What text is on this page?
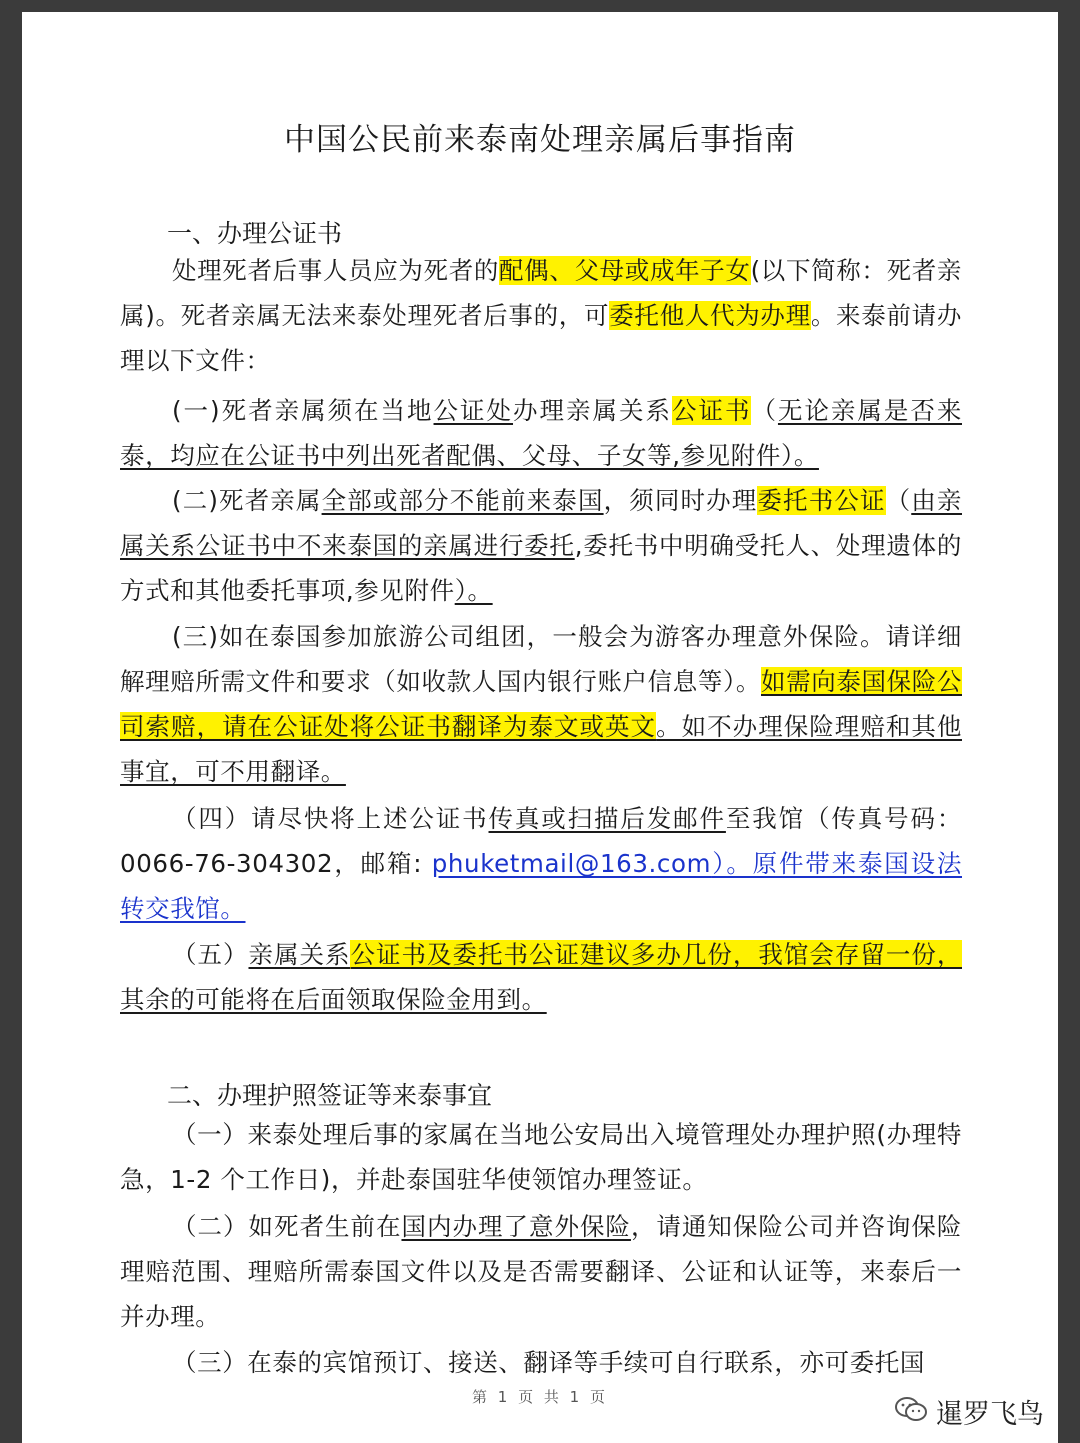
中国公民前来泰南处理亲属后事指南
一、办理公证书
处理死者后事人员应为死者的配偶、父母或成年子女(以下简称：死者亲属)。死者亲属无法来泰处理死者后事的，可委托他人代为办理。来泰前请办理以下文件：
(一)死者亲属须在当地公证处办理亲属关系公证书（无论亲属是否来泰，均应在公证书中列出死者配偶、父母、子女等,参见附件）。
(二)死者亲属全部或部分不能前来泰国，须同时办理委托书公证（由亲属关系公证书中不来泰国的亲属进行委托,委托书中明确受托人、处理遗体的方式和其他委托事项,参见附件）。
(三)如在泰国参加旅游公司组团，一般会为游客办理意外保险。请详细解理赔所需文件和要求（如收款人国内银行账户信息等）。如需向泰国保险公司索赔，请在公证处将公证书翻译为泰文或英文。如不办理保险理赔和其他事宜，可不用翻译。
（四）请尽快将上述公证书传真或扫描后发邮件至我馆（传真号码：0066-76-304302，邮箱: phuketmail@163.com）。原件带来泰国设法转交我馆。
（五）亲属关系公证书及委托书公证建议多办几份，我馆会存留一份，其余的可能将在后面领取保险金用到。
二、办理护照签证等来泰事宜
（一）来泰处理后事的家属在当地公安局出入境管理处办理护照(办理特急，1-2 个工作日)，并赴泰国驻华使领馆办理签证。
（二）如死者生前在国内办理了意外保险，请通知保险公司并咨询保险理赔范围、理赔所需泰国文件以及是否需要翻译、公证和认证等，来泰后一并办理。
（三）在泰的宾馆预订、接送、翻译等手续可自行联系，亦可委托国
第 1 页 共 1 页
暹罗飞鸟
